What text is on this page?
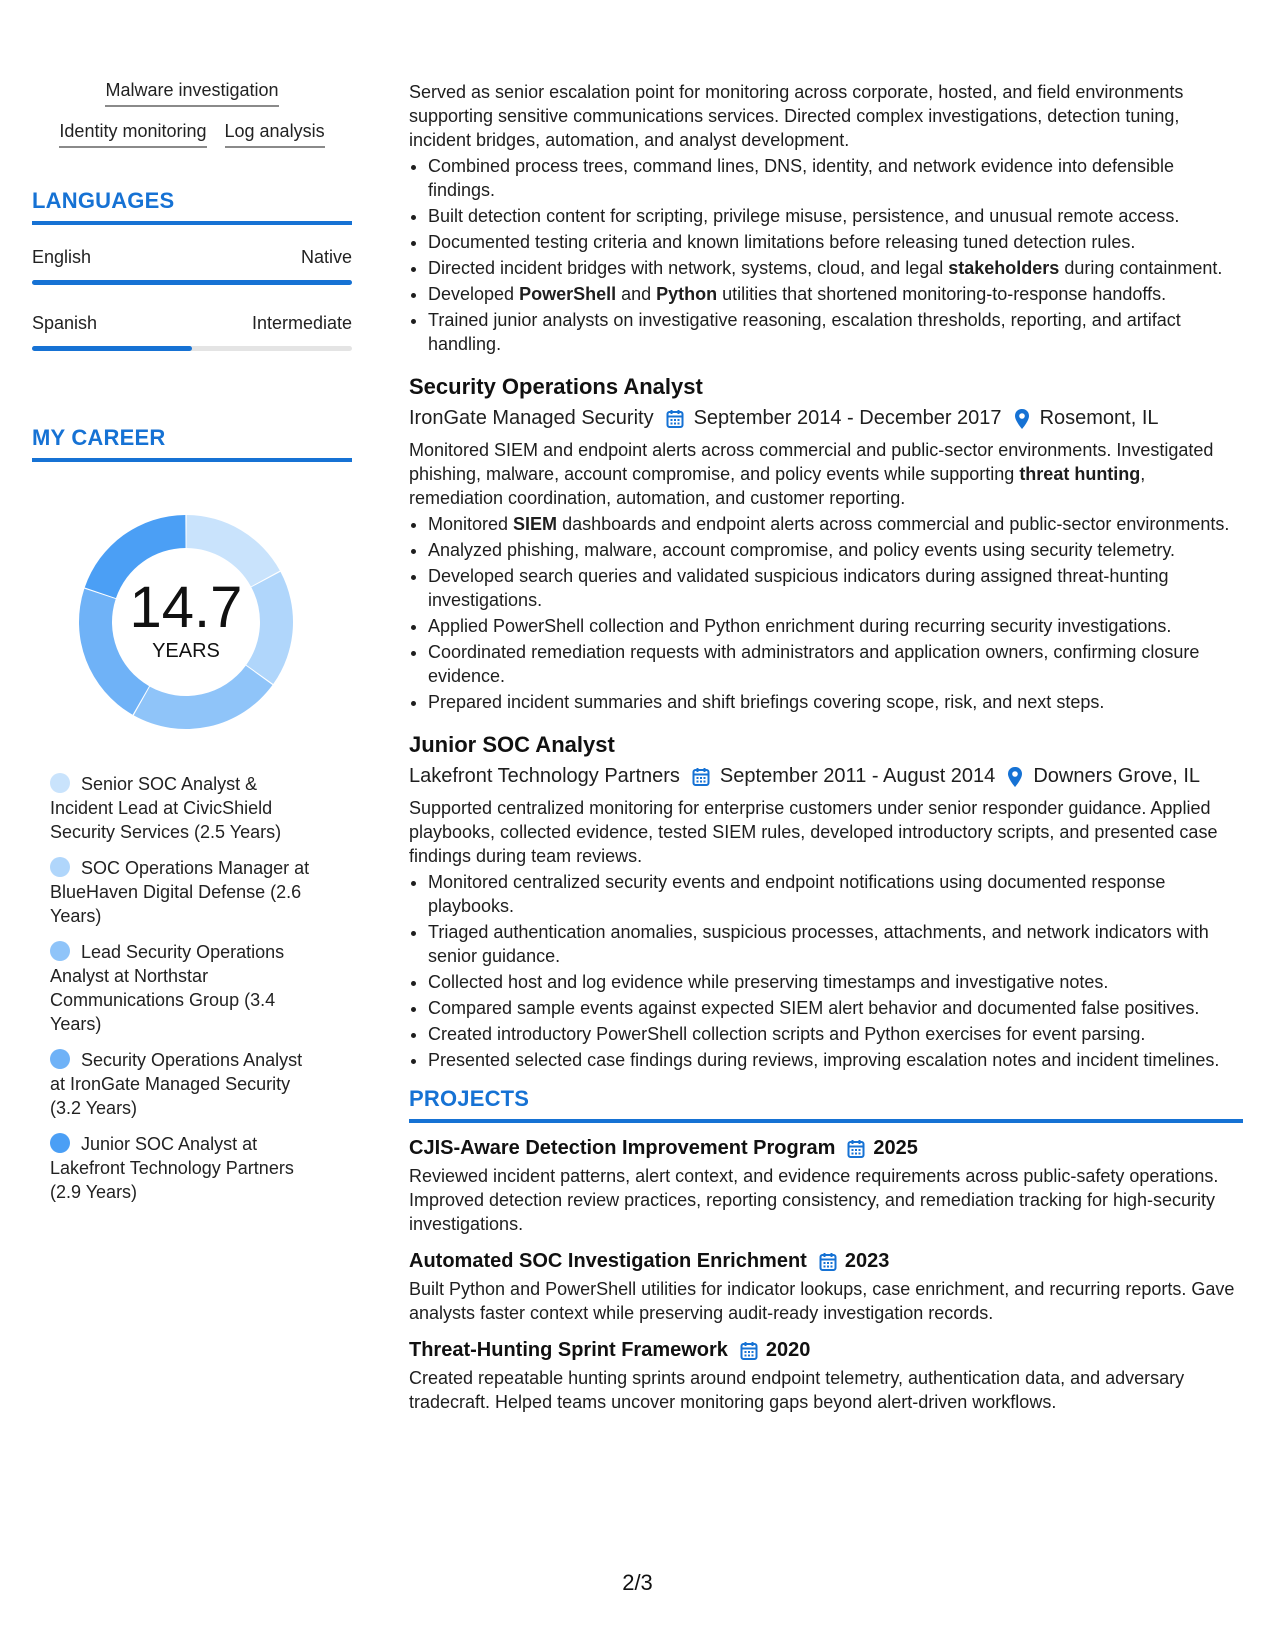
Malware investigation
Identity monitoring Log analysis
LANGUAGES
English	Native
Spanish	Intermediate
MY CAREER
14.7
YEARS
Senior SOC Analyst & Incident Lead at CivicShield Security Services (2.5 Years)
SOC Operations Manager at BlueHaven Digital Defense (2.6 Years)
Lead Security Operations Analyst at Northstar Communications Group (3.4 Years)
Security Operations Analyst at IronGate Managed Security (3.2 Years)
Junior SOC Analyst at Lakefront Technology Partners (2.9 Years)
Served as senior escalation point for monitoring across corporate, hosted, and field environments supporting sensitive communications services. Directed complex investigations, detection tuning, incident bridges, automation, and analyst development.
• Combined process trees, command lines, DNS, identity, and network evidence into defensible findings.
• Built detection content for scripting, privilege misuse, persistence, and unusual remote access.
• Documented testing criteria and known limitations before releasing tuned detection rules.
• Directed incident bridges with network, systems, cloud, and legal stakeholders during containment.
• Developed PowerShell and Python utilities that shortened monitoring-to-response handoffs.
• Trained junior analysts on investigative reasoning, escalation thresholds, reporting, and artifact handling.
Security Operations Analyst
IronGate Managed Security September 2014 - December 2017 Rosemont, IL
Monitored SIEM and endpoint alerts across commercial and public-sector environments. Investigated phishing, malware, account compromise, and policy events while supporting threat hunting, remediation coordination, automation, and customer reporting.
• Monitored SIEM dashboards and endpoint alerts across commercial and public-sector environments.
• Analyzed phishing, malware, account compromise, and policy events using security telemetry.
• Developed search queries and validated suspicious indicators during assigned threat-hunting investigations.
• Applied PowerShell collection and Python enrichment during recurring security investigations.
• Coordinated remediation requests with administrators and application owners, confirming closure evidence.
• Prepared incident summaries and shift briefings covering scope, risk, and next steps.
Junior SOC Analyst
Lakefront Technology Partners September 2011 - August 2014 Downers Grove, IL
Supported centralized monitoring for enterprise customers under senior responder guidance. Applied playbooks, collected evidence, tested SIEM rules, developed introductory scripts, and presented case findings during team reviews.
• Monitored centralized security events and endpoint notifications using documented response playbooks.
• Triaged authentication anomalies, suspicious processes, attachments, and network indicators with senior guidance.
• Collected host and log evidence while preserving timestamps and investigative notes.
• Compared sample events against expected SIEM alert behavior and documented false positives.
• Created introductory PowerShell collection scripts and Python exercises for event parsing.
• Presented selected case findings during reviews, improving escalation notes and incident timelines.
PROJECTS
CJIS-Aware Detection Improvement Program 2025
Reviewed incident patterns, alert context, and evidence requirements across public-safety operations. Improved detection review practices, reporting consistency, and remediation tracking for high-security investigations.
Automated SOC Investigation Enrichment 2023
Built Python and PowerShell utilities for indicator lookups, case enrichment, and recurring reports. Gave analysts faster context while preserving audit-ready investigation records.
Threat-Hunting Sprint Framework 2020
Created repeatable hunting sprints around endpoint telemetry, authentication data, and adversary tradecraft. Helped teams uncover monitoring gaps beyond alert-driven workflows.
2/3
